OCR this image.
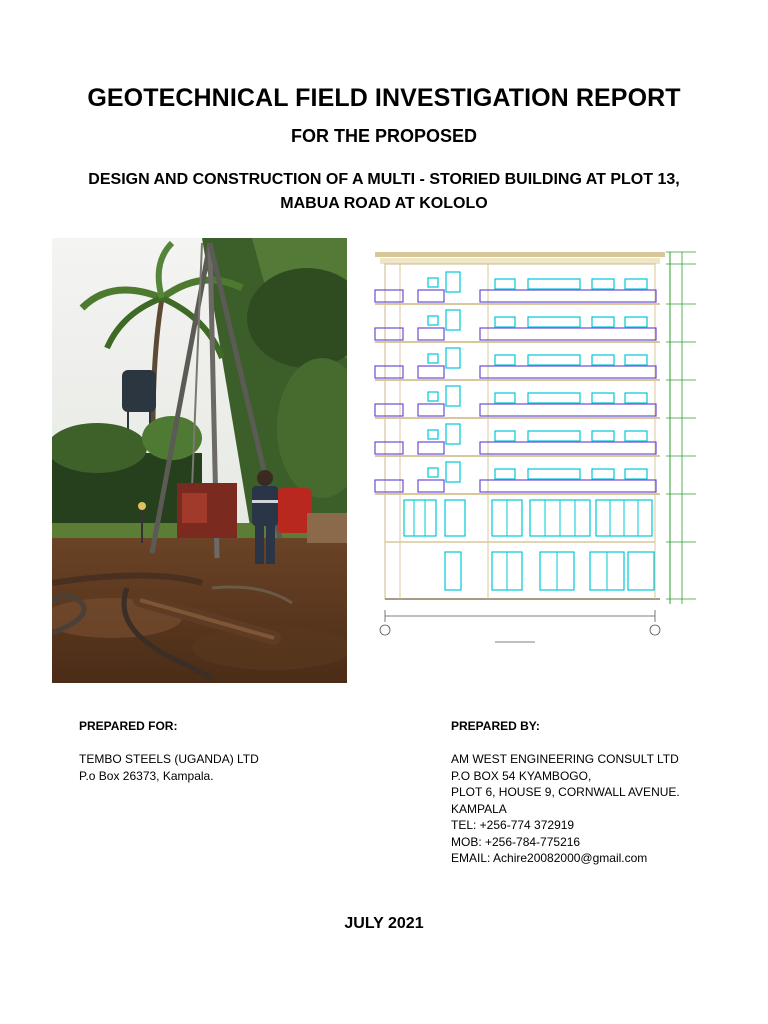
GEOTECHNICAL FIELD INVESTIGATION REPORT
FOR THE PROPOSED
DESIGN AND CONSTRUCTION OF A MULTI - STORIED BUILDING AT PLOT 13,
MABUA ROAD AT KOLOLO
PREPARED FOR:
TEMBO STEELS (UGANDA) LTD
P.o Box 26373, Kampala.
PREPARED BY:
AM WEST ENGINEERING CONSULT LTD
P.O BOX 54 KYAMBOGO,
PLOT 6, HOUSE 9, CORNWALL AVENUE.
KAMPALA
TEL: +256-774 372919
MOB: +256-784-775216
EMAIL: Achire20082000@gmail.com
JULY 2021
